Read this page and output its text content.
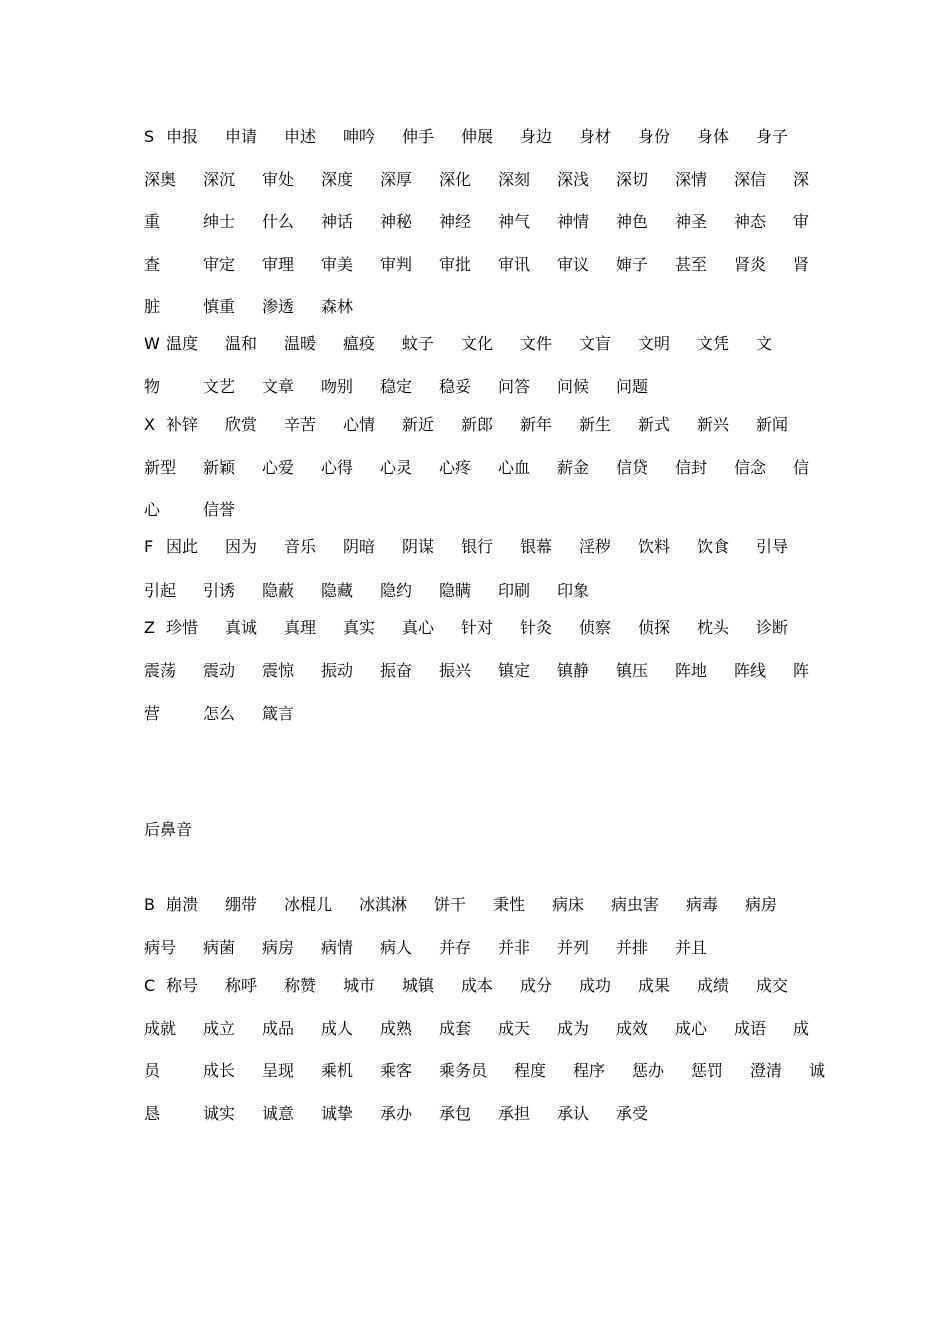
S 申报 申请 申述 呻吟 伸手 伸展 身边 身材 身份 身体 身子
深奥 深沉 审处 深度 深厚 深化 深刻 深浅 深切 深情 深信 深
重	绅士 什么 神话 神秘 神经 神气 神情 神色 神圣 神态 审
查	审定 审理 审美 审判 审批 审讯 审议 婶子 甚至 肾炎 肾
脏	慎重 渗透 森林
W 温度 温和 温暖 瘟疫 蚊子 文化 文件 文盲 文明 文凭 文
物	文艺 文章 吻别 稳定 稳妥 问答 问候 问题
X 补锌 欣赏 辛苦 心情 新近 新郎 新年 新生 新式 新兴 新闻
新型 新颖 心爱 心得 心灵 心疼 心血 薪金 信贷 信封 信念 信
心	信誉
F 因此 因为 音乐 阴暗 阴谋 银行 银幕 淫秽 饮料 饮食 引导
引起 引诱 隐蔽 隐藏 隐约 隐瞒 印刷 印象
Z 珍惜 真诚 真理 真实 真心 针对 针灸 侦察 侦探 枕头 诊断
震荡 震动 震惊 振动 振奋 振兴 镇定 镇静 镇压 阵地 阵线 阵
营	怎么 箴言
B 崩溃 绷带 冰棍儿 冰淇淋 饼干 秉性 病床 病虫害 病毒 病房
病号 病菌 病房 病情 病人 并存 并非 并列 并排 并且
C 称号 称呼 称赞 城市 城镇 成本 成分 成功 成果 成绩 成交
成就 成立 成品 成人 成熟 成套 成天 成为 成效 成心 成语 成
员	成长 呈现 乘机 乘客 乘务员 程度 程序 惩办 惩罚 澄清 诚
恳	诚实 诚意 诚挚 承办 承包 承担 承认 承受
后鼻音
